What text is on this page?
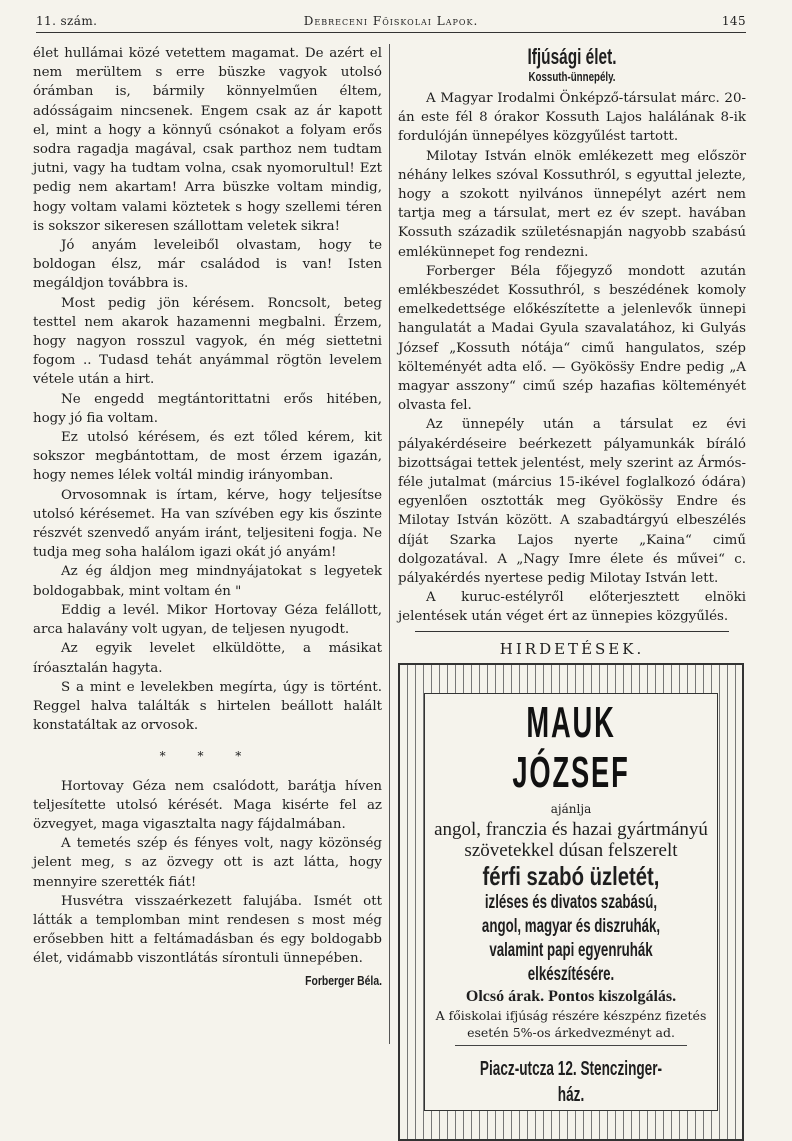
11. szám.	Debreceni Főiskolai Lapok.	145

élet hullámai közé vetettem magamat. De azért el nem merültem s erre büszke vagyok utolsó órámban is, bármily könnyelműen éltem, adósságaim nincsenek. Engem csak az ár kapott el, mint a hogy a könnyű csónakot a folyam erős sodra ragadja magával, csak parthoz nem tudtam jutni, vagy ha tudtam volna, csak nyomorultul! Ezt pedig nem akartam! Arra büszke voltam mindig, hogy voltam valami köztetek s hogy szellemi téren is sokszor sikeresen szállottam veletek sikra!

Jó anyám leveleiből olvastam, hogy te boldogan élsz, már családod is van! Isten megáldjon továbbra is.

Most pedig jön kérésem. Roncsolt, beteg testtel nem akarok hazamenni megbalni. Érzem, hogy nagyon rosszul vagyok, én még siettetni fogom .. Tudasd tehát anyámmal rögtön levelem vétele után a hirt.

Ne engedd megtántorittatni erős hitében, hogy jó fia voltam.

Ez utolsó kérésem, és ezt tőled kérem, kit sokszor megbántottam, de most érzem igazán, hogy nemes lélek voltál mindig irányomban.

Orvosomnak is írtam, kérve, hogy teljesítse utolsó kérésemet. Ha van szívében egy kis őszinte részvét szenvedő anyám iránt, teljesiteni fogja. Ne tudja meg soha halálom igazi okát jó anyám!

Az ég áldjon meg mindnyájatokat s legyetek boldogabbak, mint voltam én "

Eddig a levél. Mikor Hortovay Géza felállott, arca halavány volt ugyan, de teljesen nyugodt.

Az egyik levelet elküldötte, a másikat íróasztalán hagyta.

S a mint e levelekben megírta, úgy is történt. Reggel halva találták s hirtelen beállott halált konstatáltak az orvosok.

* * *

Hortovay Géza nem csalódott, barátja híven teljesítette utolsó kérését. Maga kisérte fel az özvegyet, maga vigasztalta nagy fájdalmában.

A temetés szép és fényes volt, nagy közönség jelent meg, s az özvegy ott is azt látta, hogy mennyire szerették fiát!

Husvétra visszaérkezett falujába. Ismét ott látták a templomban mint rendesen s most még erősebben hitt a feltámadásban és egy boldogabb élet, vidámabb viszontlátás sírontuli ünnepében.

Forberger Béla.
Ifjúsági élet.
Kossuth-ünnepély.

A Magyar Irodalmi Önképző-társulat márc. 20-án este fél 8 órakor Kossuth Lajos halálának 8-ik fordulóján ünnepélyes közgyűlést tartott.

Milotay István elnök emlékezett meg először néhány lelkes szóval Kossuthról, s egyuttal jelezte, hogy a szokott nyilvános ünnepélyt azért nem tartja meg a társulat, mert ez év szept. havában Kossuth századik születésnapján nagyobb szabású emlékünnepet fog rendezni.

Forberger Béla főjegyző mondott azután emlékbeszédet Kossuthról, s beszédének komoly emelkedettsége előkészítette a jelenlevők ünnepi hangulatát a Madai Gyula szavalatához, ki Gulyás József „Kossuth nótája“ cimű hangulatos, szép költeményét adta elő. — Gyököss̈y Endre pedig „A magyar asszony“ cimű szép hazafias költeményét olvasta fel.

Az ünnepély után a társulat ez évi pályakérdéseire beérkezett pályamunkák bíráló bizottságai tettek jelentést, mely szerint az Ármós-féle jutalmat (március 15-ikével foglalkozó ódára) egyenlően osztották meg Gyököss̈y Endre és Milotay István között. A szabadtárgyú elbeszélés díját Szarka Lajos nyerte „Kaina“ cimű dolgozatával. A „Nagy Imre élete és művei“ c. pályakérdés nyertese pedig Milotay István lett.

A kuruc-estélyről előterjesztett elnöki jelentések után véget ért az ünnepies közgyűlés.

HIRDETÉSEK.
MAUK JÓZSEF
ajánlja
angol, franczia és hazai gyártmányú szövetekkel dúsan felszerelt
férfi szabó üzletét,
izléses és divatos szabású, angol, magyar és diszruhák, valamint papi egyenruhák elkészítésére.
Olcsó árak. Pontos kiszolgálás.
A főiskolai ifjúság részére készpénz fizetés esetén 5%-os árkedvezményt ad.
Piacz-utcza 12. Stenczinger-ház.
